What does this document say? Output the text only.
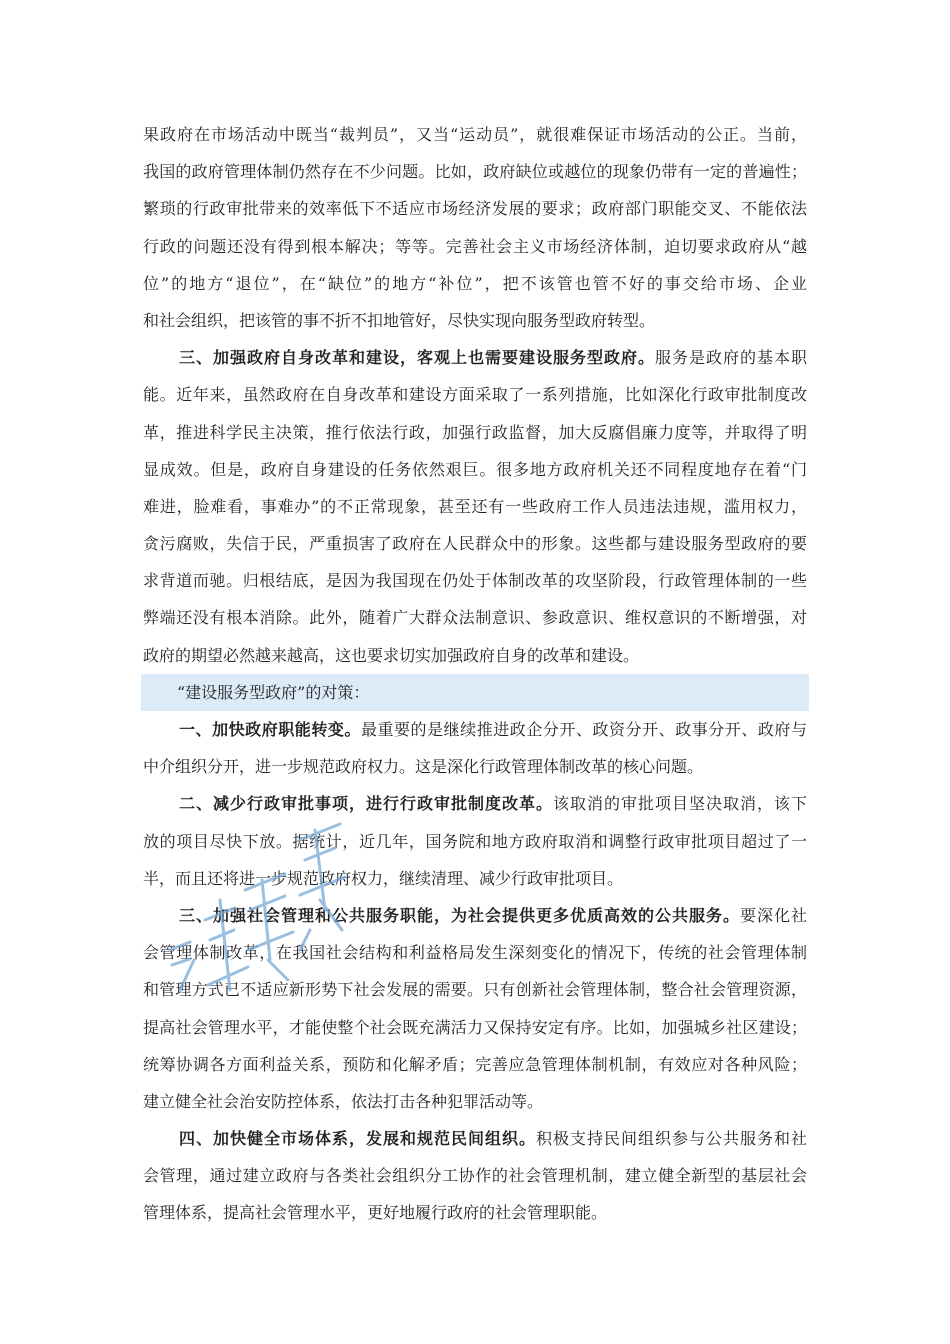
果政府在市场活动中既当“裁判员”，又当“运动员”，就很难保证市场活动的公正。当前，
我国的政府管理体制仍然存在不少问题。比如，政府缺位或越位的现象仍带有一定的普遍性；
繁琐的行政审批带来的效率低下不适应市场经济发展的要求；政府部门职能交叉、不能依法
行政的问题还没有得到根本解决；等等。完善社会主义市场经济体制，迫切要求政府从“越
位”的地方“退位”，在“缺位”的地方“补位”，把不该管也管不好的事交给市场、企业
和社会组织，把该管的事不折不扣地管好，尽快实现向服务型政府转型。
三、加强政府自身改革和建设，客观上也需要建设服务型政府。服务是政府的基本职
能。近年来，虽然政府在自身改革和建设方面采取了一系列措施，比如深化行政审批制度改
革，推进科学民主决策，推行依法行政，加强行政监督，加大反腐倡廉力度等，并取得了明
显成效。但是，政府自身建设的任务依然艰巨。很多地方政府机关还不同程度地存在着“门
难进，脸难看，事难办”的不正常现象，甚至还有一些政府工作人员违法违规，滥用权力，
贪污腐败，失信于民，严重损害了政府在人民群众中的形象。这些都与建设服务型政府的要
求背道而驰。归根结底，是因为我国现在仍处于体制改革的攻坚阶段，行政管理体制的一些
弊端还没有根本消除。此外，随着广大群众法制意识、参政意识、维权意识的不断增强，对
政府的期望必然越来越高，这也要求切实加强政府自身的改革和建设。
“建设服务型政府”的对策：
一、加快政府职能转变。最重要的是继续推进政企分开、政资分开、政事分开、政府与
中介组织分开，进一步规范政府权力。这是深化行政管理体制改革的核心问题。
二、减少行政审批事项，进行行政审批制度改革。该取消的审批项目坚决取消，该下
放的项目尽快下放。据统计，近几年，国务院和地方政府取消和调整行政审批项目超过了一
半，而且还将进一步规范政府权力，继续清理、减少行政审批项目。
三、加强社会管理和公共服务职能，为社会提供更多优质高效的公共服务。要深化社
会管理体制改革，在我国社会结构和利益格局发生深刻变化的情况下，传统的社会管理体制
和管理方式已不适应新形势下社会发展的需要。只有创新社会管理体制，整合社会管理资源，
提高社会管理水平，才能使整个社会既充满活力又保持安定有序。比如，加强城乡社区建设；
统筹协调各方面利益关系，预防和化解矛盾；完善应急管理体制机制，有效应对各种风险；
建立健全社会治安防控体系，依法打击各种犯罪活动等。
四、加快健全市场体系，发展和规范民间组织。积极支持民间组织参与公共服务和社
会管理，通过建立政府与各类社会组织分工协作的社会管理机制，建立健全新型的基层社会
管理体系，提高社会管理水平，更好地履行政府的社会管理职能。
